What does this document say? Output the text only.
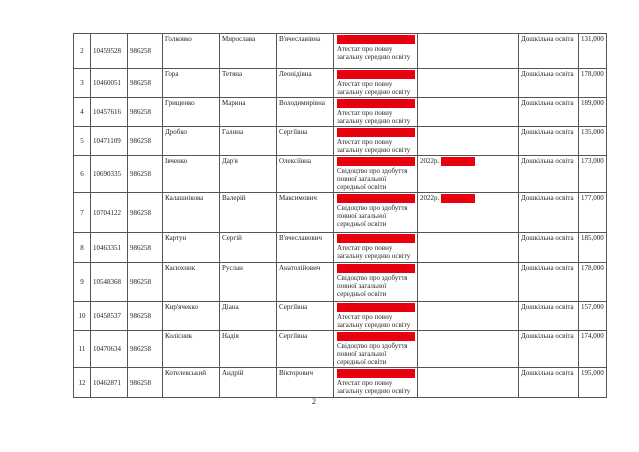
2	10459528	986258	Голковко	Мирослава	В'ячеславівна	Атестат про повну загальну середню освіту		Дошкільна освіта	131,000
3	10460051	986258	Гора	Тетяна	Леонідівна	Атестат про повну загальну середню освіту		Дошкільна освіта	178,000
4	10457616	986258	Грищенко	Марина	Володимирівна	Атестат про повну загальну середню освіту		Дошкільна освіта	189,000
5	10471109	986258	Дробко	Галина	Сергіївна	Атестат про повну загальну середню освіту		Дошкільна освіта	135,000
6	10690335	986258	Івченко	Дар'я	Олексіївна	Свідоцтво про здобуття повної загальної середньої освіти	2022р.	Дошкільна освіта	173,000
7	10704122	986258	Калашнікова	Валерій	Максимович	Свідоцтво про здобуття повної загальної середньої освіти	2022р.	Дошкільна освіта	177,000
8	10463351	986258	Картун	Сергій	В'ячеславович	Атестат про повну загальну середню освіту		Дошкільна освіта	185,000
9	10548368	986258	Касюхник	Руслан	Анатолійович	Свідоцтво про здобуття повної загальної середньої освіти		Дошкільна освіта	178,000
10	10458537	986258	Кир'ячекко	Діана	Сергіївна	Атестат про повну загальну середню освіту		Дошкільна освіта	157,000
11	10470634	986258	Колісник	Надія	Сергіївна	Свідоцтво про здобуття повної загальної середньої освіти		Дошкільна освіта	174,000
12	10462871	986258	Котелевський	Андрій	Вікторович	Атестат про повну загальну середню освіту		Дошкільна освіта	195,000
2
